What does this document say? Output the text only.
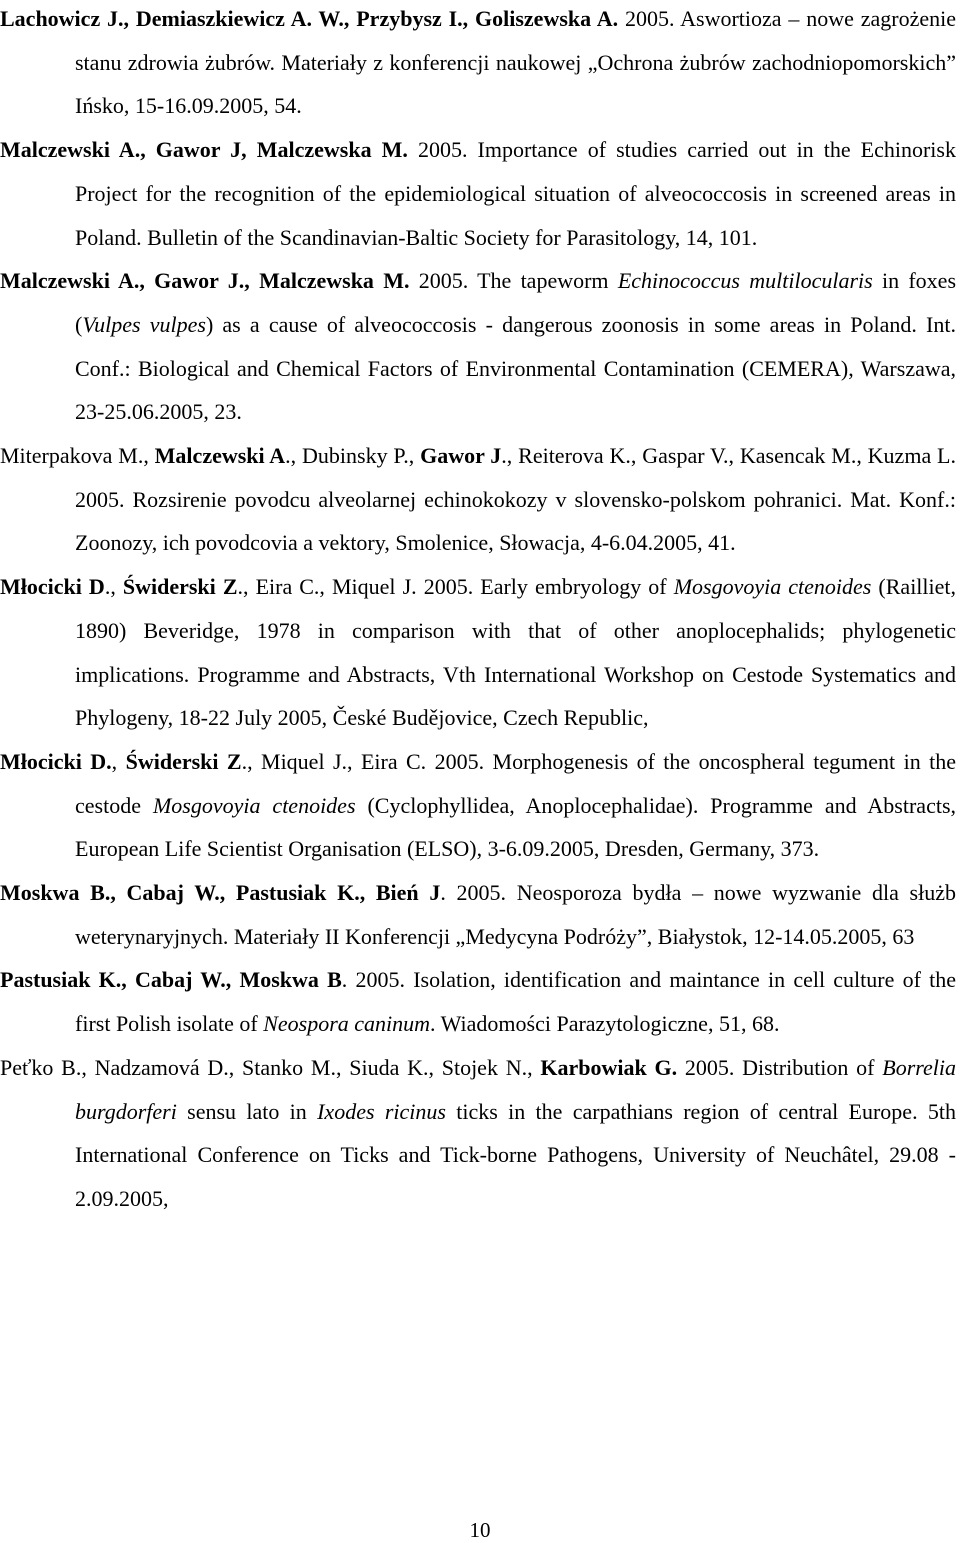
Lachowicz J., Demiaszkiewicz A. W., Przybysz I., Goliszewska A. 2005. Aswortioza – nowe zagrożenie stanu zdrowia żubrów. Materiały z konferencji naukowej „Ochrona żubrów zachodniopomorskich” Ińsko, 15-16.09.2005, 54.
Malczewski A., Gawor J, Malczewska M. 2005. Importance of studies carried out in the Echinorisk Project for the recognition of the epidemiological situation of alveococcosis in screened areas in Poland. Bulletin of the Scandinavian-Baltic Society for Parasitology, 14, 101.
Malczewski A., Gawor J., Malczewska M. 2005. The tapeworm Echinococcus multilocularis in foxes (Vulpes vulpes) as a cause of alveococcosis - dangerous zoonosis in some areas in Poland. Int. Conf.: Biological and Chemical Factors of Environmental Contamination (CEMERA), Warszawa, 23-25.06.2005, 23.
Miterpakova M., Malczewski A., Dubinsky P., Gawor J., Reiterova K., Gaspar V., Kasencak M., Kuzma L. 2005. Rozsirenie povodcu alveolarnej echinokokozy v slovensko-polskom pohranici. Mat. Konf.: Zoonozy, ich povodcovia a vektory, Smolenice, Słowacja, 4-6.04.2005, 41.
Młocicki D., Świderski Z., Eira C., Miquel J. 2005. Early embryology of Mosgovoyia ctenoides (Railliet, 1890) Beveridge, 1978 in comparison with that of other anoplocephalids; phylogenetic implications. Programme and Abstracts, Vth International Workshop on Cestode Systematics and Phylogeny, 18-22 July 2005, České Budějovice, Czech Republic,
Młocicki D., Świderski Z., Miquel J., Eira C. 2005. Morphogenesis of the oncospheral tegument in the cestode Mosgovoyia ctenoides (Cyclophyllidea, Anoplocephalidae). Programme and Abstracts, European Life Scientist Organisation (ELSO), 3-6.09.2005, Dresden, Germany, 373.
Moskwa B., Cabaj W., Pastusiak K., Bień J. 2005. Neosporoza bydła – nowe wyzwanie dla służb weterynaryjnych. Materiały II Konferencji „Medycyna Podróży”, Białystok, 12-14.05.2005, 63
Pastusiak K., Cabaj W., Moskwa B. 2005. Isolation, identification and maintance in cell culture of the first Polish isolate of Neospora caninum. Wiadomości Parazytologiczne, 51, 68.
Peťko B., Nadzamová D., Stanko M., Siuda K., Stojek N., Karbowiak G. 2005. Distribution of Borrelia burgdorferi sensu lato in Ixodes ricinus ticks in the carpathians region of central Europe. 5th International Conference on Ticks and Tick-borne Pathogens, University of Neuchâtel, 29.08 - 2.09.2005,
10
